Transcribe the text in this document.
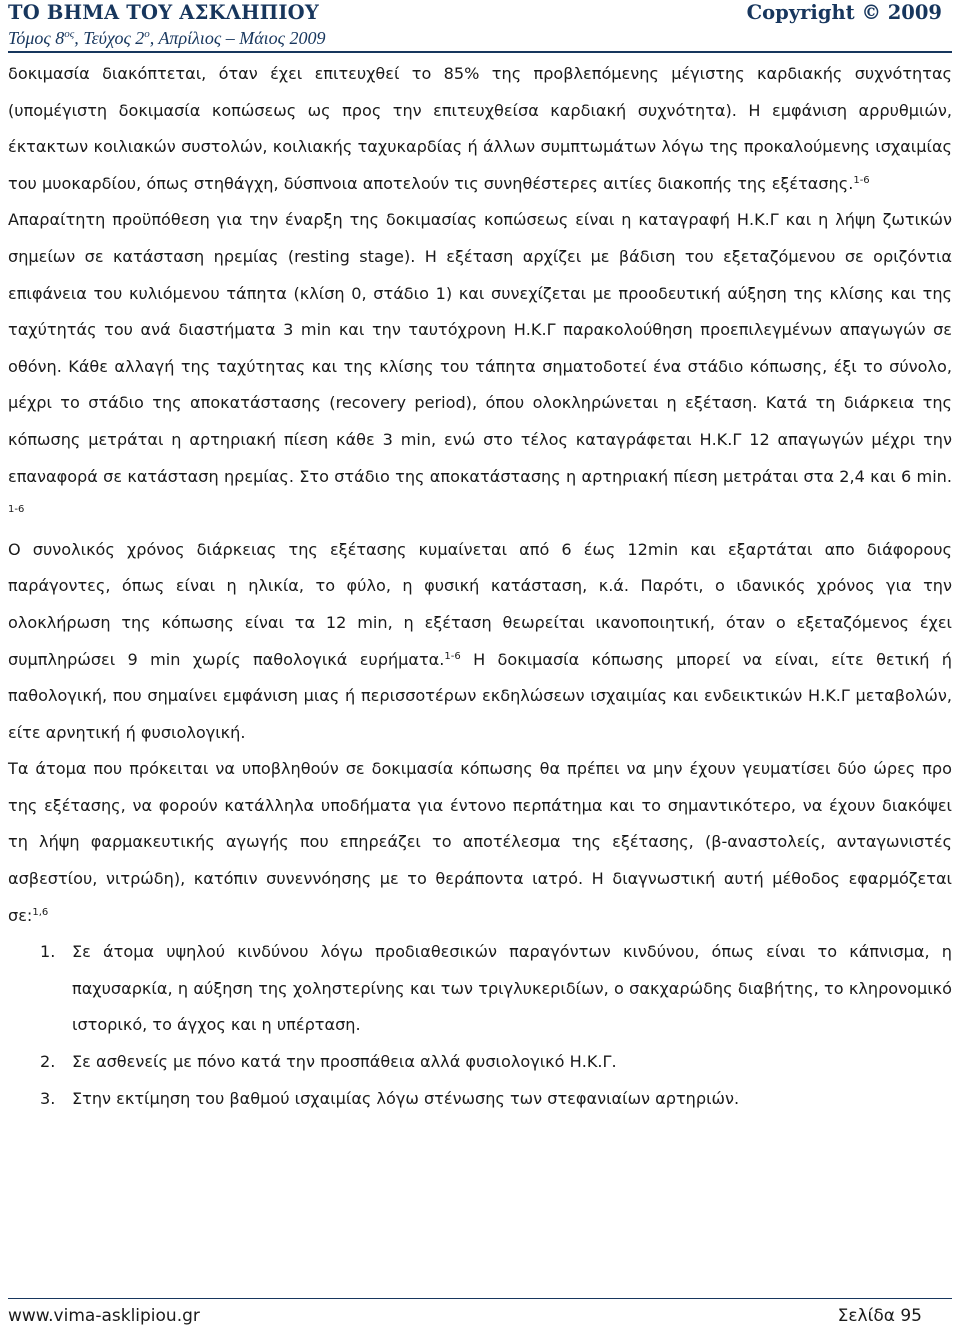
ΤΟ ΒΗΜΑ ΤΟΥ ΑΣΚΛΗΠΙΟΥ	Copyright © 2009
Τόμος $8^{o\varsigma}$, Τεύχος $2^o$, Απρίλιος – Μάιος 2009

δοκιμασία διακόπτεται, όταν έχει επιτευχθεί το 85% της προβλεπόμενης μέγιστης καρδιακής συχνότητας (υπομέγιστη δοκιμασία κοπώσεως ως προς την επιτευχθείσα καρδιακή συχνότητα). Η εμφάνιση αρρυθμιών, έκτακτων κοιλιακών συστολών, κοιλιακής ταχυκαρδίας ή άλλων συμπτωμάτων λόγω της προκαλούμενης ισχαιμίας του μυοκαρδίου, όπως στηθάγχη, δύσπνοια αποτελούν τις συνηθέστερες αιτίες διακοπής της εξέτασης.$^{1-6}$

Απαραίτητη προϋπόθεση για την έναρξη της δοκιμασίας κοπώσεως είναι η καταγραφή Η.Κ.Γ και η λήψη ζωτικών σημείων σε κατάσταση ηρεμίας (resting stage). Η εξέταση αρχίζει με βάδιση του εξεταζόμενου σε οριζόντια επιφάνεια του κυλιόμενου τάπητα (κλίση 0, στάδιο 1) και συνεχίζεται με προοδευτική αύξηση της κλίσης και της ταχύτητάς του ανά διαστήματα 3 min και την ταυτόχρονη Η.Κ.Γ παρακολούθηση προεπιλεγμένων απαγωγών σε οθόνη. Κάθε αλλαγή της ταχύτητας και της κλίσης του τάπητα σηματοδοτεί ένα στάδιο κόπωσης, έξι το σύνολο, μέχρι το στάδιο της αποκατάστασης (recovery period), όπου ολοκληρώνεται η εξέταση. Κατά τη διάρκεια της κόπωσης μετράται η αρτηριακή πίεση κάθε 3 min, ενώ στο τέλος καταγράφεται Η.Κ.Γ 12 απαγωγών μέχρι την επαναφορά σε κατάσταση ηρεμίας. Στο στάδιο της αποκατάστασης η αρτηριακή πίεση μετράται στα 2,4 και 6 min. $^{1-6}$

Ο συνολικός χρόνος διάρκειας της εξέτασης κυμαίνεται από 6 έως 12min και εξαρτάται απο διάφορους παράγοντες, όπως είναι η ηλικία, το φύλο, η φυσική κατάσταση, κ.ά. Παρότι, ο ιδανικός χρόνος για την ολοκλήρωση της κόπωσης είναι τα 12 min, η εξέταση θεωρείται ικανοποιητική, όταν ο εξεταζόμενος έχει συμπληρώσει 9 min χωρίς παθολογικά ευρήματα.$^{1-6}$ Η δοκιμασία κόπωσης μπορεί να είναι, είτε θετική ή παθολογική, που σημαίνει εμφάνιση μιας ή περισσοτέρων εκδηλώσεων ισχαιμίας και ενδεικτικών Η.Κ.Γ μεταβολών, είτε αρνητική ή φυσιολογική.

Τα άτομα που πρόκειται να υποβληθούν σε δοκιμασία κόπωσης θα πρέπει να μην έχουν γευματίσει δύο ώρες προ της εξέτασης, να φορούν κατάλληλα υποδήματα για έντονο περπάτημα και το σημαντικότερο, να έχουν διακόψει τη λήψη φαρμακευτικής αγωγής που επηρεάζει το αποτέλεσμα της εξέτασης, (β-αναστολείς, ανταγωνιστές ασβεστίου, νιτρώδη), κατόπιν συνεννόησης με το θεράποντα ιατρό. Η διαγνωστική αυτή μέθοδος εφαρμόζεται σε:$^{1,6}$

1. Σε άτομα υψηλού κινδύνου λόγω προδιαθεσικών παραγόντων κινδύνου, όπως είναι το κάπνισμα, η παχυσαρκία, η αύξηση της χοληστερίνης και των τριγλυκεριδίων, ο σακχαρώδης διαβήτης, το κληρονομικό ιστορικό, το άγχος και η υπέρταση.
2. Σε ασθενείς με πόνο κατά την προσπάθεια αλλά φυσιολογικό Η.Κ.Γ.
3. Στην εκτίμηση του βαθμού ισχαιμίας λόγω στένωσης των στεφανιαίων αρτηριών.
www.vima-asklipiou.gr	Σελίδα 95
